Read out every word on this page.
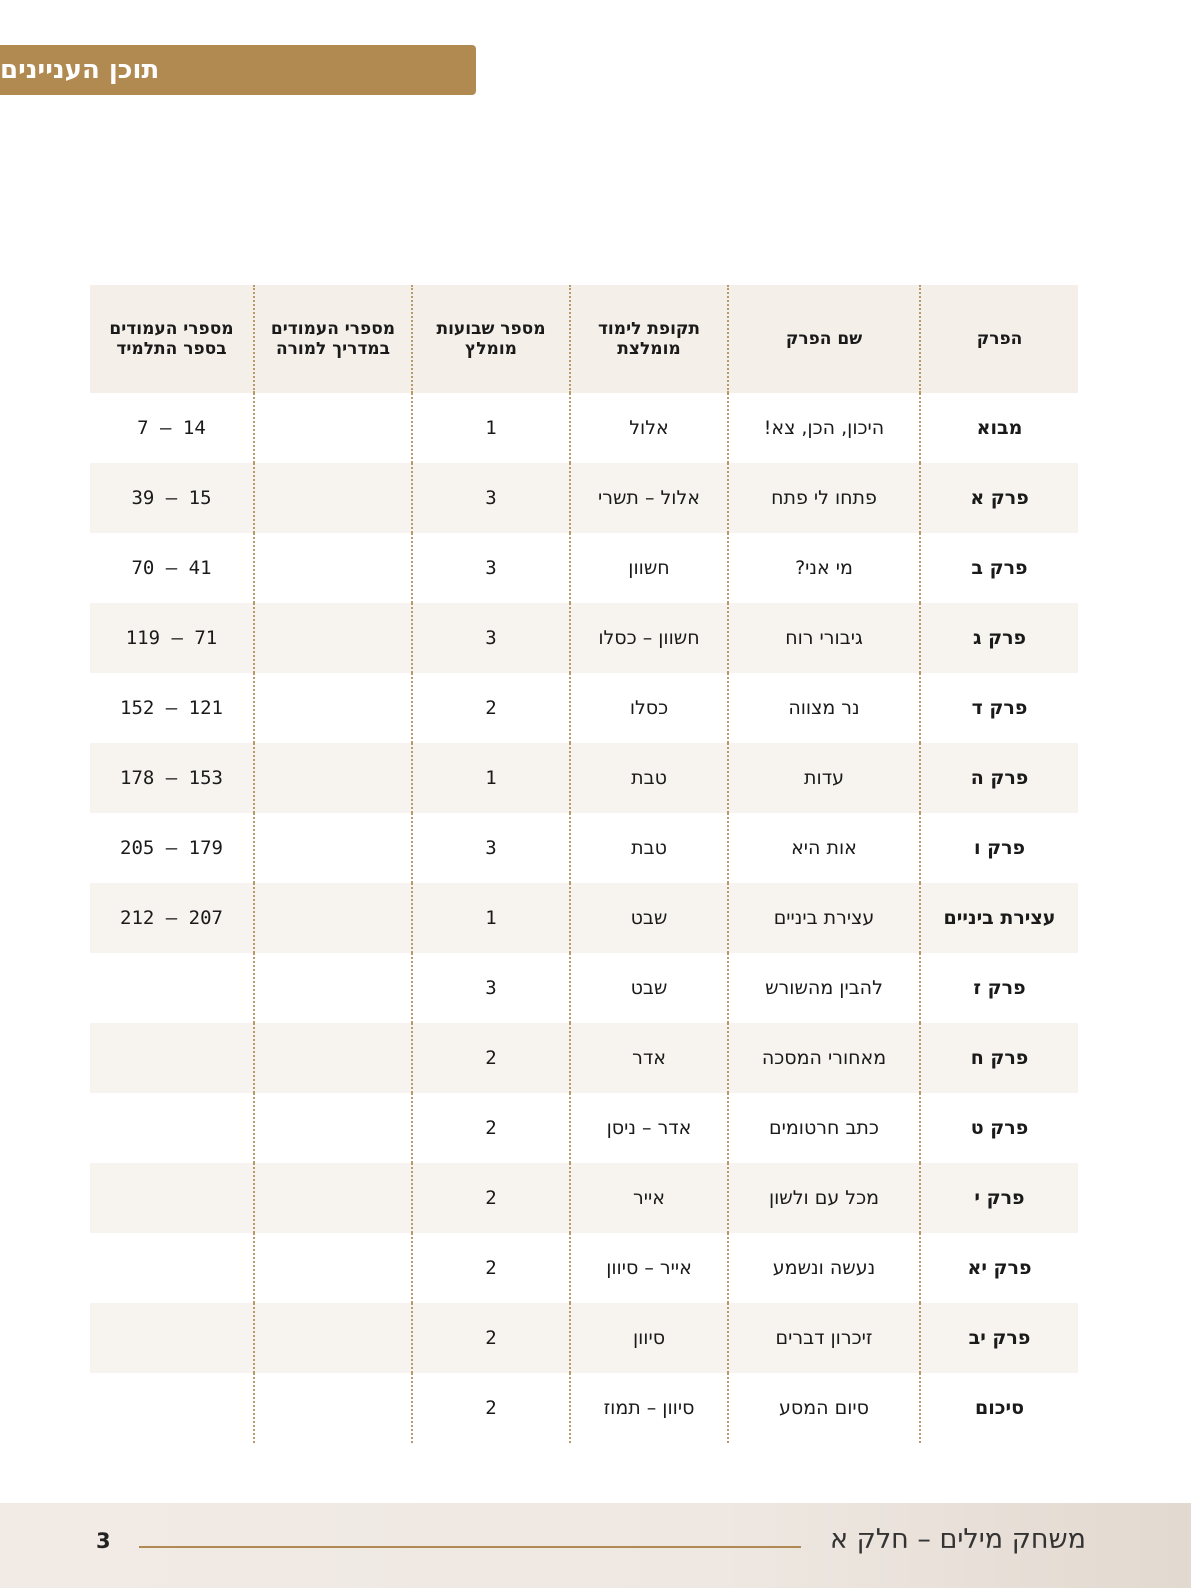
תוכן העניינים
הפרק	שם הפרק	תקופת לימוד מומלצת	מספר שבועות מומלץ	מספרי העמודים במדריך למורה	מספרי העמודים בספר התלמיד
מבוא	היכון, הכן, צא!	אלול	1		7 – 14
פרק א	פתחו לי פתח	אלול – תשרי	3		39 – 15
פרק ב	מי אני?	חשוון	3		70 – 41
פרק ג	גיבורי רוח	חשוון – כסלו	3		119 – 71
פרק ד	נר מצווה	כסלו	2		152 – 121
פרק ה	עדות	טבת	1		178 – 153
פרק ו	אות היא	טבת	3		205 – 179
עצירת ביניים	עצירת ביניים	שבט	1		212 – 207
פרק ז	להבין מהשורש	שבט	3		
פרק ח	מאחורי המסכה	אדר	2		
פרק ט	כתב חרטומים	אדר – ניסן	2		
פרק י	מכל עם ולשון	אייר	2		
פרק יא	נעשה ונשמע	אייר – סיוון	2		
פרק יב	זיכרון דברים	סיוון	2		
סיכום	סיום המסע	סיוון – תמוז	2		
3	משחק מילים – חלק א
